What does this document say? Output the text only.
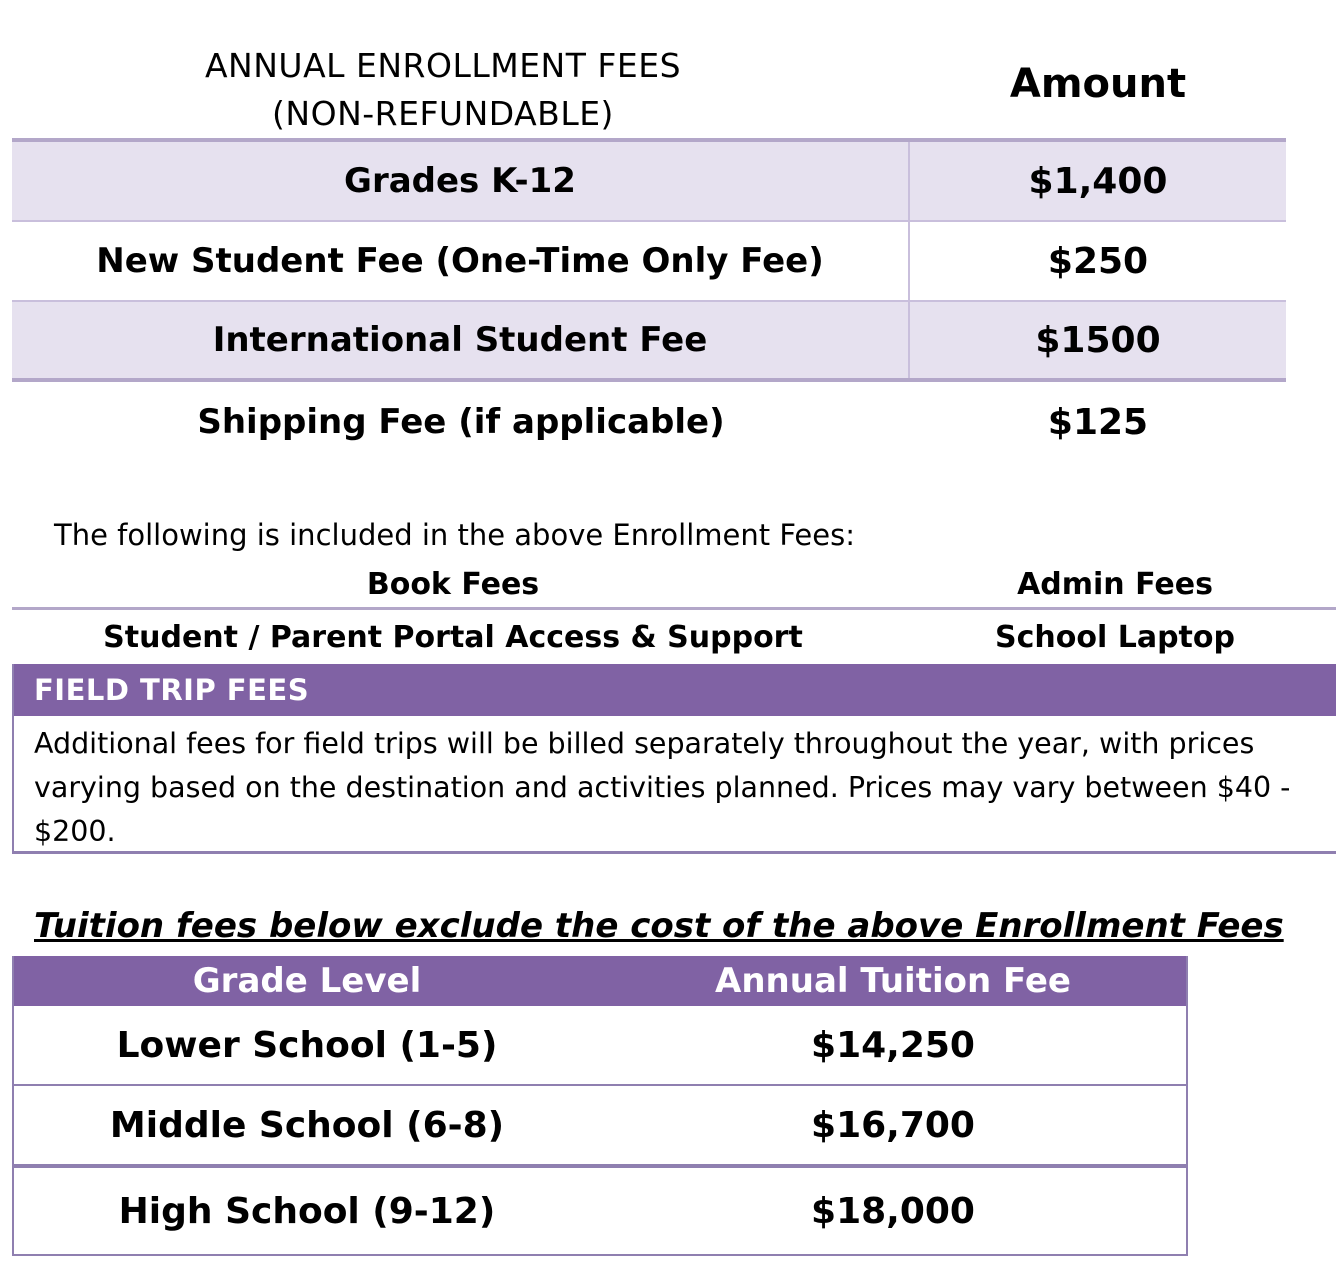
ANNUAL ENROLLMENT FEES
(NON-REFUNDABLE)
Amount
Grades K-12	$1,400
New Student Fee (One-Time Only Fee)	$250
International Student Fee	$1500
Shipping Fee (if applicable)	$125
The following is included in the above Enrollment Fees:
Book Fees	Admin Fees
Student / Parent Portal Access & Support	School Laptop
FIELD TRIP FEES
Additional fees for field trips will be billed separately throughout the year, with prices varying based on the destination and activities planned. Prices may vary between $40 - $200.
Tuition fees below exclude the cost of the above Enrollment Fees
Grade Level	Annual Tuition Fee
Lower School (1-5)	$14,250
Middle School (6-8)	$16,700
High School (9-12)	$18,000
